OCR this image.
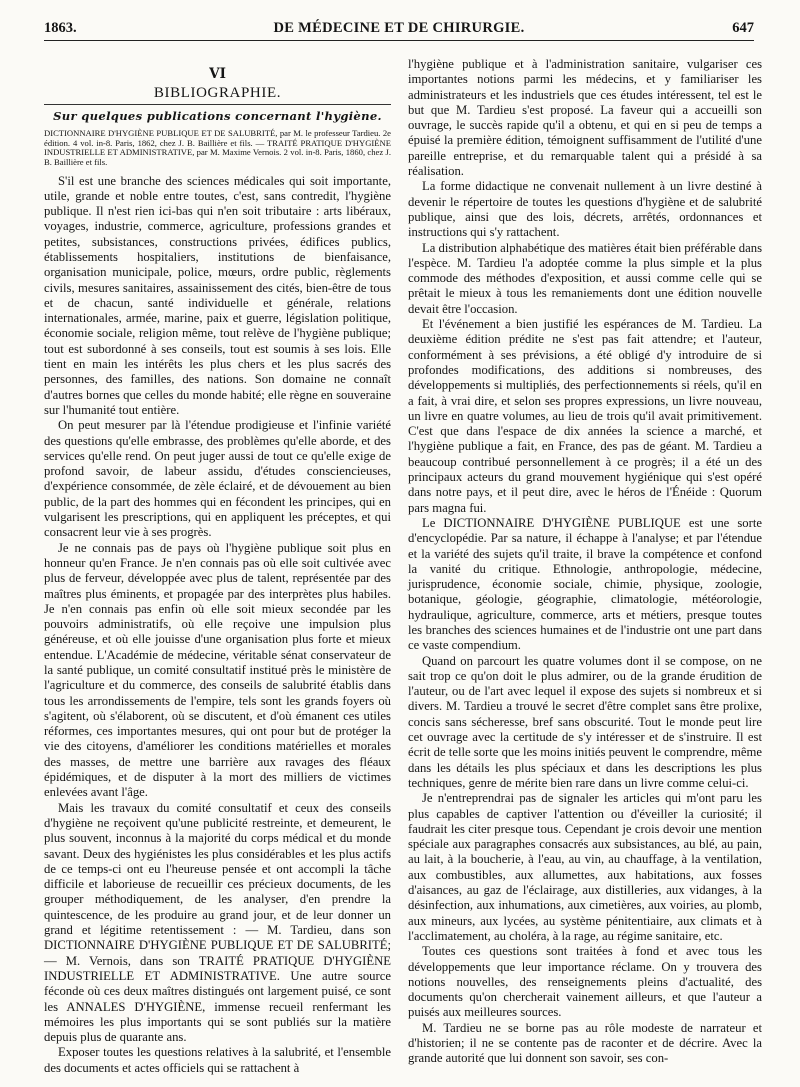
1863.	DE MÉDECINE ET DE CHIRURGIE.	647
VI
BIBLIOGRAPHIE.
Sur quelques publications concernant l'hygiène.
DICTIONNAIRE D'HYGIÈNE PUBLIQUE ET DE SALUBRITÉ, par M. le professeur Tardieu. 2e édition. 4 vol. in-8. Paris, 1862, chez J. B. Baillière et fils. — TRAITÉ PRATIQUE D'HYGIÈNE INDUSTRIELLE ET ADMINISTRATIVE, par M. Maxime Vernois. 2 vol. in-8. Paris, 1860, chez J. B. Baillière et fils.

S'il est une branche des sciences médicales qui soit importante, utile, grande et noble entre toutes, c'est, sans contredit, l'hygiène publique. Il n'est rien ici-bas qui n'en soit tributaire : arts libéraux, voyages, industrie, commerce, agriculture, professions grandes et petites, subsistances, constructions privées, édifices publics, établissements hospitaliers, institutions de bienfaisance, organisation municipale, police, mœurs, ordre public, règlements civils, mesures sanitaires, assainissement des cités, bien-être de tous et de chacun, santé individuelle et générale, relations internationales, armée, marine, paix et guerre, législation politique, économie sociale, religion même, tout relève de l'hygiène publique; tout est subordonné à ses conseils, tout est soumis à ses lois. Elle tient en main les intérêts les plus chers et les plus sacrés des personnes, des familles, des nations. Son domaine ne connaît d'autres bornes que celles du monde habité; elle règne en souveraine sur l'humanité tout entière.

On peut mesurer par là l'étendue prodigieuse et l'infinie variété des questions qu'elle embrasse, des problèmes qu'elle aborde, et des services qu'elle rend. On peut juger aussi de tout ce qu'elle exige de profond savoir, de labeur assidu, d'études consciencieuses, d'expérience consommée, de zèle éclairé, et de dévouement au bien public, de la part des hommes qui en fécondent les principes, qui en vulgarisent les prescriptions, qui en appliquent les préceptes, et qui consacrent leur vie à ses progrès.

Je ne connais pas de pays où l'hygiène publique soit plus en honneur qu'en France. Je n'en connais pas où elle soit cultivée avec plus de ferveur, développée avec plus de talent, représentée par des maîtres plus éminents, et propagée par des interprètes plus habiles. Je n'en connais pas enfin où elle soit mieux secondée par les pouvoirs administratifs, où elle reçoive une impulsion plus généreuse, et où elle jouisse d'une organisation plus forte et mieux entendue. L'Académie de médecine, véritable sénat conservateur de la santé publique, un comité consultatif institué près le ministère de l'agriculture et du commerce, des conseils de salubrité établis dans tous les arrondissements de l'empire, tels sont les grands foyers où s'agitent, où s'élaborent, où se discutent, et d'où émanent ces utiles réformes, ces importantes mesures, qui ont pour but de protéger la vie des citoyens, d'améliorer les conditions matérielles et morales des masses, de mettre une barrière aux ravages des fléaux épidémiques, et de disputer à la mort des milliers de victimes enlevées avant l'âge.

Mais les travaux du comité consultatif et ceux des conseils d'hygiène ne reçoivent qu'une publicité restreinte, et demeurent, le plus souvent, inconnus à la majorité du corps médical et du monde savant. Deux des hygiénistes les plus considérables et les plus actifs de ce temps-ci ont eu l'heureuse pensée et ont accompli la tâche difficile et laborieuse de recueillir ces précieux documents, de les grouper méthodiquement, de les analyser, d'en prendre la quintescence, de les produire au grand jour, et de leur donner un grand et légitime retentissement : — M. Tardieu, dans son DICTIONNAIRE D'HYGIÈNE PUBLIQUE ET DE SALUBRITÉ; — M. Vernois, dans son TRAITÉ PRATIQUE D'HYGIÈNE INDUSTRIELLE ET ADMINISTRATIVE. Une autre source féconde où ces deux maîtres distingués ont largement puisé, ce sont les ANNALES D'HYGIÈNE, immense recueil renfermant les mémoires les plus importants qui se sont publiés sur la matière depuis plus de quarante ans.

Exposer toutes les questions relatives à la salubrité, et l'ensemble des documents et actes officiels qui se rattachent à

l'hygiène publique et à l'administration sanitaire, vulgariser ces importantes notions parmi les médecins, et y familiariser les administrateurs et les industriels que ces études intéressent, tel est le but que M. Tardieu s'est proposé. La faveur qui a accueilli son ouvrage, le succès rapide qu'il a obtenu, et qui en si peu de temps a épuisé la première édition, témoignent suffisamment de l'utilité d'une pareille entreprise, et du remarquable talent qui a présidé à sa réalisation.

La forme didactique ne convenait nullement à un livre destiné à devenir le répertoire de toutes les questions d'hygiène et de salubrité publique, ainsi que des lois, décrets, arrêtés, ordonnances et instructions qui s'y rattachent.

La distribution alphabétique des matières était bien préférable dans l'espèce. M. Tardieu l'a adoptée comme la plus simple et la plus commode des méthodes d'exposition, et aussi comme celle qui se prêtait le mieux à tous les remaniements dont une édition nouvelle devait être l'occasion.

Et l'événement a bien justifié les espérances de M. Tardieu. La deuxième édition prédite ne s'est pas fait attendre; et l'auteur, conformément à ses prévisions, a été obligé d'y introduire de si profondes modifications, des additions si nombreuses, des développements si multipliés, des perfectionnements si réels, qu'il en a fait, à vrai dire, et selon ses propres expressions, un livre nouveau, un livre en quatre volumes, au lieu de trois qu'il avait primitivement. C'est que dans l'espace de dix années la science a marché, et l'hygiène publique a fait, en France, des pas de géant. M. Tardieu a beaucoup contribué personnellement à ce progrès; il a été un des principaux acteurs du grand mouvement hygiénique qui s'est opéré dans notre pays, et il peut dire, avec le héros de l'Énéide : Quorum pars magna fui.

Le DICTIONNAIRE D'HYGIÈNE PUBLIQUE est une sorte d'encyclopédie. Par sa nature, il échappe à l'analyse; et par l'étendue et la variété des sujets qu'il traite, il brave la compétence et confond la vanité du critique. Ethnologie, anthropologie, médecine, jurisprudence, économie sociale, chimie, physique, zoologie, botanique, géologie, géographie, climatologie, météorologie, hydraulique, agriculture, commerce, arts et métiers, presque toutes les branches des sciences humaines et de l'industrie ont une part dans ce vaste compendium.

Quand on parcourt les quatre volumes dont il se compose, on ne sait trop ce qu'on doit le plus admirer, ou de la grande érudition de l'auteur, ou de l'art avec lequel il expose des sujets si nombreux et si divers. M. Tardieu a trouvé le secret d'être complet sans être prolixe, concis sans sécheresse, bref sans obscurité. Tout le monde peut lire cet ouvrage avec la certitude de s'y intéresser et de s'instruire. Il est écrit de telle sorte que les moins initiés peuvent le comprendre, même dans les détails les plus spéciaux et dans les descriptions les plus techniques, genre de mérite bien rare dans un livre comme celui-ci.

Je n'entreprendrai pas de signaler les articles qui m'ont paru les plus capables de captiver l'attention ou d'éveiller la curiosité; il faudrait les citer presque tous. Cependant je crois devoir une mention spéciale aux paragraphes consacrés aux subsistances, au blé, au pain, au lait, à la boucherie, à l'eau, au vin, au chauffage, à la ventilation, aux combustibles, aux allumettes, aux habitations, aux fosses d'aisances, au gaz de l'éclairage, aux distilleries, aux vidanges, à la désinfection, aux inhumations, aux cimetières, aux voiries, au plomb, aux mineurs, aux lycées, au système pénitentiaire, aux climats et à l'acclimatement, au choléra, à la rage, au régime sanitaire, etc.

Toutes ces questions sont traitées à fond et avec tous les développements que leur importance réclame. On y trouvera des notions nouvelles, des renseignements pleins d'actualité, des documents qu'on chercherait vainement ailleurs, et que l'auteur a puisés aux meilleures sources.

M. Tardieu ne se borne pas au rôle modeste de narrateur et d'historien; il ne se contente pas de raconter et de décrire. Avec la grande autorité que lui donnent son savoir, ses con-
